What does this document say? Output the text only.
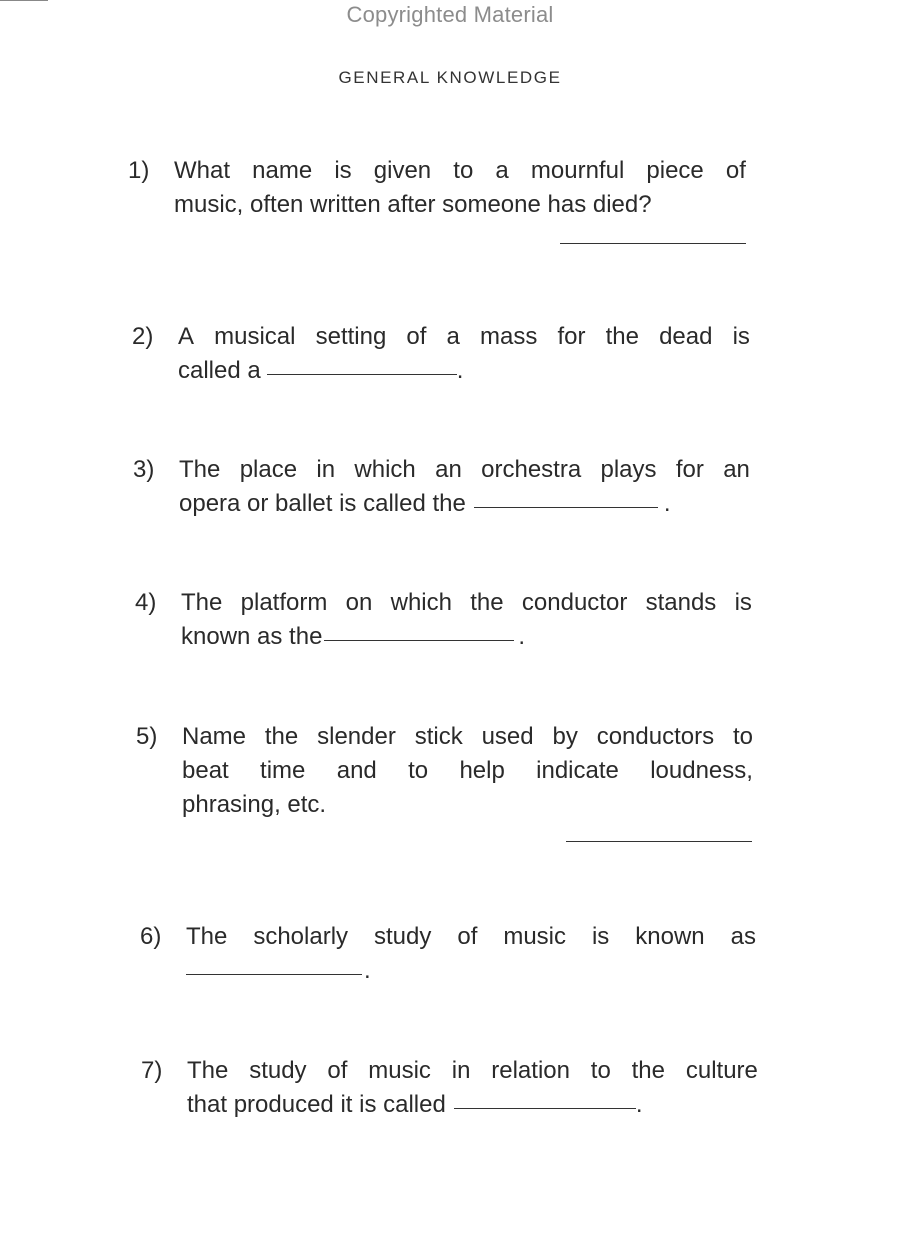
Copyrighted Material
GENERAL KNOWLEDGE
1)	What name is given to a mournful piece of
music, often written after someone has died?
2)	A musical setting of a mass for the dead is
called a	.
3)	The place in which an orchestra plays for an
opera or ballet is called the	.
4)	The platform on which the conductor stands is
known as the	.
5)	Name the slender stick used by conductors to
beat time and to help indicate loudness,
phrasing, etc.
6)	The scholarly study of music is known as
.
7)	The study of music in relation to the culture
that produced it is called	.
